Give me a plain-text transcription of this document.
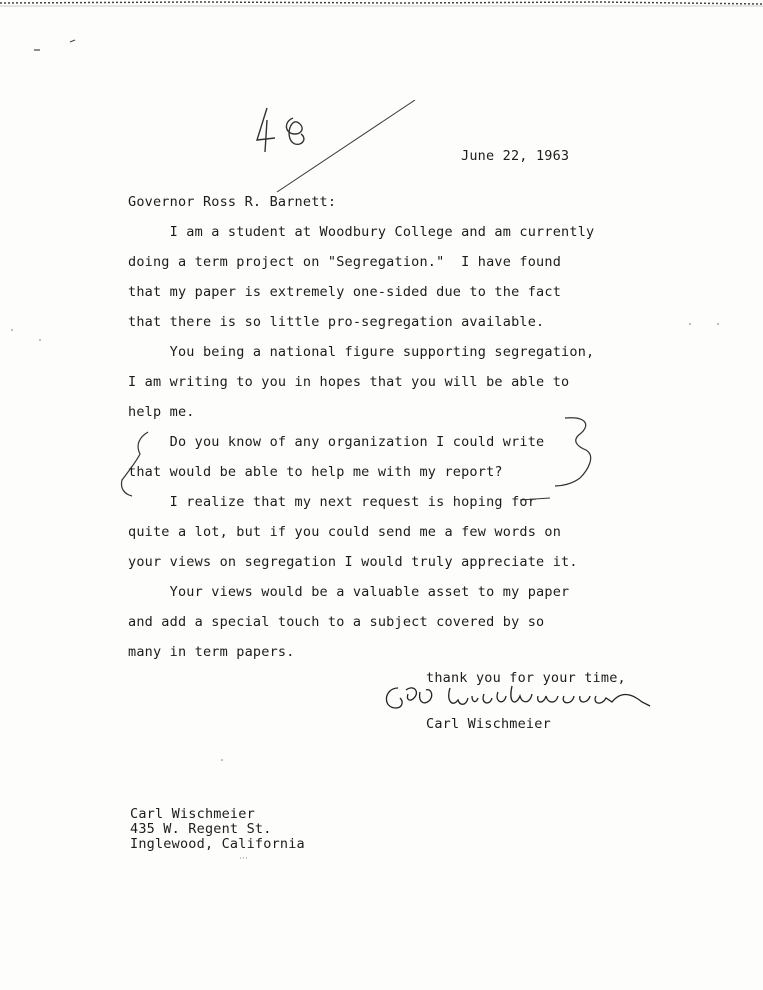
June 22, 1963
Governor Ross R. Barnett:
I am a student at Woodbury College and am currently
doing a term project on "Segregation."  I have found
that my paper is extremely one-sided due to the fact
that there is so little pro-segregation available.
You being a national figure supporting segregation,
I am writing to you in hopes that you will be able to
help me.
Do you know of any organization I could write
that would be able to help me with my report?
I realize that my next request is hoping for
quite a lot, but if you could send me a few words on
your views on segregation I would truly appreciate it.
Your views would be a valuable asset to my paper
and add a special touch to a subject covered by so
many in term papers.
thank you for your time,
Carl Wischmeier
Carl Wischmeier
435 W. Regent St.
Inglewood, California
